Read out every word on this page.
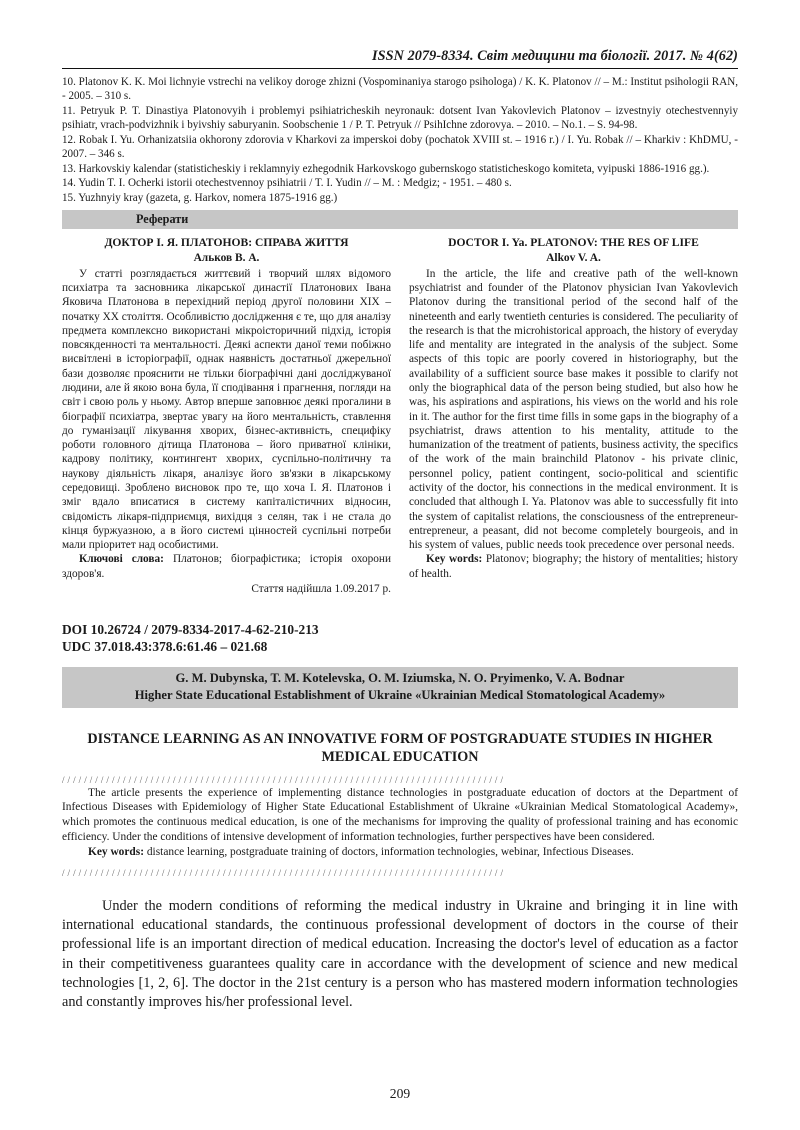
ISSN 2079-8334. Світ медицини та біології. 2017. № 4(62)

10. Platonov K. K. Moi lichnyie vstrechi na velikoy doroge zhizni (Vospominaniya starogo psihologa) / K. K. Platonov // – M.: Institut psihologii RAN, - 2005. – 310 s.

11. Petryuk P. T. Dinastiya Platonovyih i problemyi psihiatricheskih neyronauk: dotsent Ivan Yakovlevich Platonov – izvestnyiy otechestvennyiy psihiatr, vrach-podvizhnik i byivshiy saburyanin. Soobschenie 1 / P. T. Petryuk // PsihIchne zdorovya. – 2010. – No.1. – S. 94-98.

12. Robak I. Yu. Orhanizatsiia okhorony zdorovia v Kharkovi za imperskoi doby (pochatok XVIII st. – 1916 r.) / I. Yu. Robak // – Kharkiv : KhDMU, - 2007. – 346 s.

13. Harkovskiy kalendar (statisticheskiy i reklamnyiy ezhegodnik Harkovskogo gubernskogo statisticheskogo komiteta, vyipuski 1886-1916 gg.).

14. Yudin T. I. Ocherki istorii otechestvennoy psihiatrii / T. I. Yudin // – M. : Medgiz; - 1951. – 480 s.

15. Yuzhnyiy kray (gazeta, g. Harkov, nomera 1875-1916 gg.)

Реферати

ДОКТОР І. Я. ПЛАТОНОВ: СПРАВА ЖИТТЯ

Альков В. А.

У статті розглядається життєвий і творчий шлях відомого психіатра та засновника лікарської династії Платонових Івана Яковича Платонова в перехідний період другої половини XIX – початку XX століття. Особливістю дослідження є те, що для аналізу предмета комплексно використані мікроісторичний підхід, історія повсякденності та ментальності. Деякі аспекти даної теми побіжно висвітлені в історіографії, однак наявність достатньої джерельної бази дозволяє прояснити не тільки біографічні дані досліджуваної людини, але й якою вона була, її сподівання і прагнення, погляди на світ і свою роль у ньому. Автор вперше заповнює деякі прогалини в біографії психіатра, звертає увагу на його ментальність, ставлення до гуманізації лікування хворих, бізнес-активність, специфіку роботи головного дітища Платонова – його приватної клініки, кадрову політику, контингент хворих, суспільно-політичну та наукову діяльність лікаря, аналізує його зв'язки в лікарському середовищі. Зроблено висновок про те, що хоча І. Я. Платонов і зміг вдало вписатися в систему капіталістичних відносин, свідомість лікаря-підприємця, вихідця з селян, так і не стала до кінця буржуазною, а в його системі цінностей суспільні потреби мали пріоритет над особистими.

Ключові слова: Платонов; біографістика; історія охорони здоров'я.

Стаття надійшла 1.09.2017 р.

DOCTOR I. Ya. PLATONOV: THE RES OF LIFE

Alkov V. A.

In the article, the life and creative path of the well-known psychiatrist and founder of the Platonov physician Ivan Yakovlevich Platonov during the transitional period of the second half of the nineteenth and early twentieth centuries is considered. The peculiarity of the research is that the microhistorical approach, the history of everyday life and mentality are integrated in the analysis of the subject. Some aspects of this topic are poorly covered in historiography, but the availability of a sufficient source base makes it possible to clarify not only the biographical data of the person being studied, but also how he was, his aspirations and aspirations, his views on the world and his role in it. The author for the first time fills in some gaps in the biography of a psychiatrist, draws attention to his mentality, attitude to the humanization of the treatment of patients, business activity, the specifics of the work of the main brainchild Platonov - his private clinic, personnel policy, patient contingent, socio-political and scientific activity of the doctor, his connections in the medical environment. It is concluded that although I. Ya. Platonov was able to successfully fit into the system of capitalist relations, the consciousness of the entrepreneur-entrepreneur, a peasant, did not become completely bourgeois, and in his system of values, public needs took precedence over personal needs.

Key words: Platonov; biography; the history of mentalities; history of health.

DOI 10.26724 / 2079-8334-2017-4-62-210-213
UDC 37.018.43:378.6:61.46 – 021.68
G. M. Dubynska, T. M. Kotelevska, O. M. Iziumska, N. O. Pryimenko, V. A. Bodnar
Higher State Educational Establishment of Ukraine «Ukrainian Medical Stomatological Academy»
DISTANCE LEARNING AS AN INNOVATIVE FORM OF POSTGRADUATE STUDIES IN HIGHER MEDICAL EDUCATION
////////////////////////////////////////////////////////////////////////////////

The article presents the experience of implementing distance technologies in postgraduate education of doctors at the Department of Infectious Diseases with Epidemiology of Higher State Educational Establishment of Ukraine «Ukrainian Medical Stomatological Academy», which promotes the continuous medical education, is one of the mechanisms for improving the quality of professional training and has economic efficiency. Under the conditions of intensive development of information technologies, further perspectives have been considered.

Key words: distance learning, postgraduate training of doctors, information technologies, webinar, Infectious Diseases.

////////////////////////////////////////////////////////////////////////////////

Under the modern conditions of reforming the medical industry in Ukraine and bringing it in line with international educational standards, the continuous professional development of doctors in the course of their professional life is an important direction of medical education. Increasing the doctor's level of education as a factor in their competitiveness guarantees quality care in accordance with the development of science and new medical technologies [1, 2, 6]. The doctor in the 21st century is a person who has mastered modern information technologies and constantly improves his/her professional level.

209
